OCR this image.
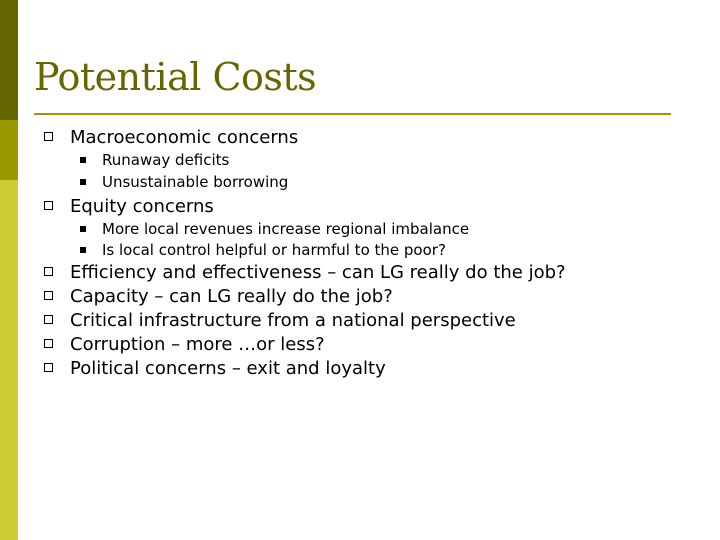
Potential Costs
Macroeconomic concerns
Runaway deficits
Unsustainable borrowing
Equity concerns
More local revenues increase regional imbalance
Is local control helpful or harmful to the poor?
Efficiency and effectiveness – can LG really do the job?
Capacity – can LG really do the job?
Critical infrastructure from a national perspective
Corruption – more …or less?
Political concerns – exit and loyalty
